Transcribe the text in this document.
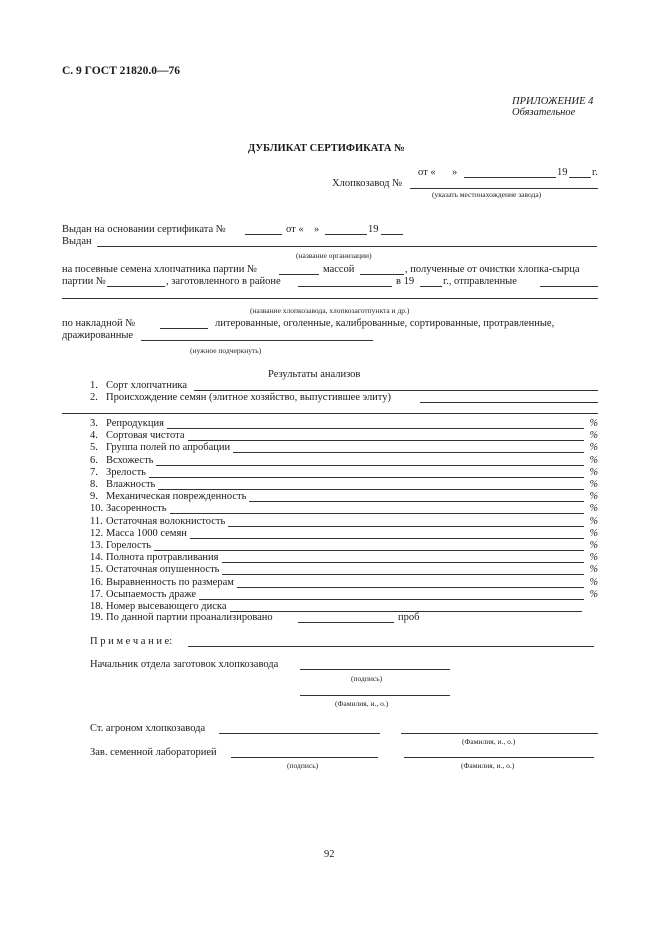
С. 9 ГОСТ 21820.0—76
ПРИЛОЖЕНИЕ 4
Обязательное
ДУБЛИКАТ СЕРТИФИКАТА №
от « »	19 г.
Хлопкозавод №
(указать местонахождение завода)
Выдан на основании сертификата №	от « »	19
Выдан
(название организации)
на посевные семена хлопчатника партии №	массой	, полученные от очистки хлопка-сырца
партии №	, заготовленного в районе	в 19	г., отправленные
(название хлопкозавода, хлопкозаготпункта и др.)
по накладной №	литерованные, оголенные, калиброванные, сортированные, протравленные,
дражированные
(нужное подчеркнуть)
Результаты анализов
1. Сорт хлопчатника
2. Происхождение семян (элитное хозяйство, выпустившее элиту)
3. Репродукция	%
4. Сортовая чистота	%
5. Группа полей по апробации	%
6. Всхожесть	%
7. Зрелость	%
8. Влажность	%
9. Механическая поврежденность	%
10. Засоренность	%
11. Остаточная волокнистость	%
12. Масса 1000 семян	%
13. Горелость	%
14. Полнота протравливания	%
15. Остаточная опушенность	%
16. Выравненность по размерам	%
17. Осыпаемость драже	%
18. Номер высевающего диска
19. По данной партии проанализировано	проб
П р и м е ч а н и е:
Начальник отдела заготовок хлопкозавода
(подпись)
(Фамилия, и., о.)
Ст. агроном хлопкозавода
(Фамилия, и., о.)
Зав. семенной лабораторией
(подпись)	(Фамилия, и., о.)
92
